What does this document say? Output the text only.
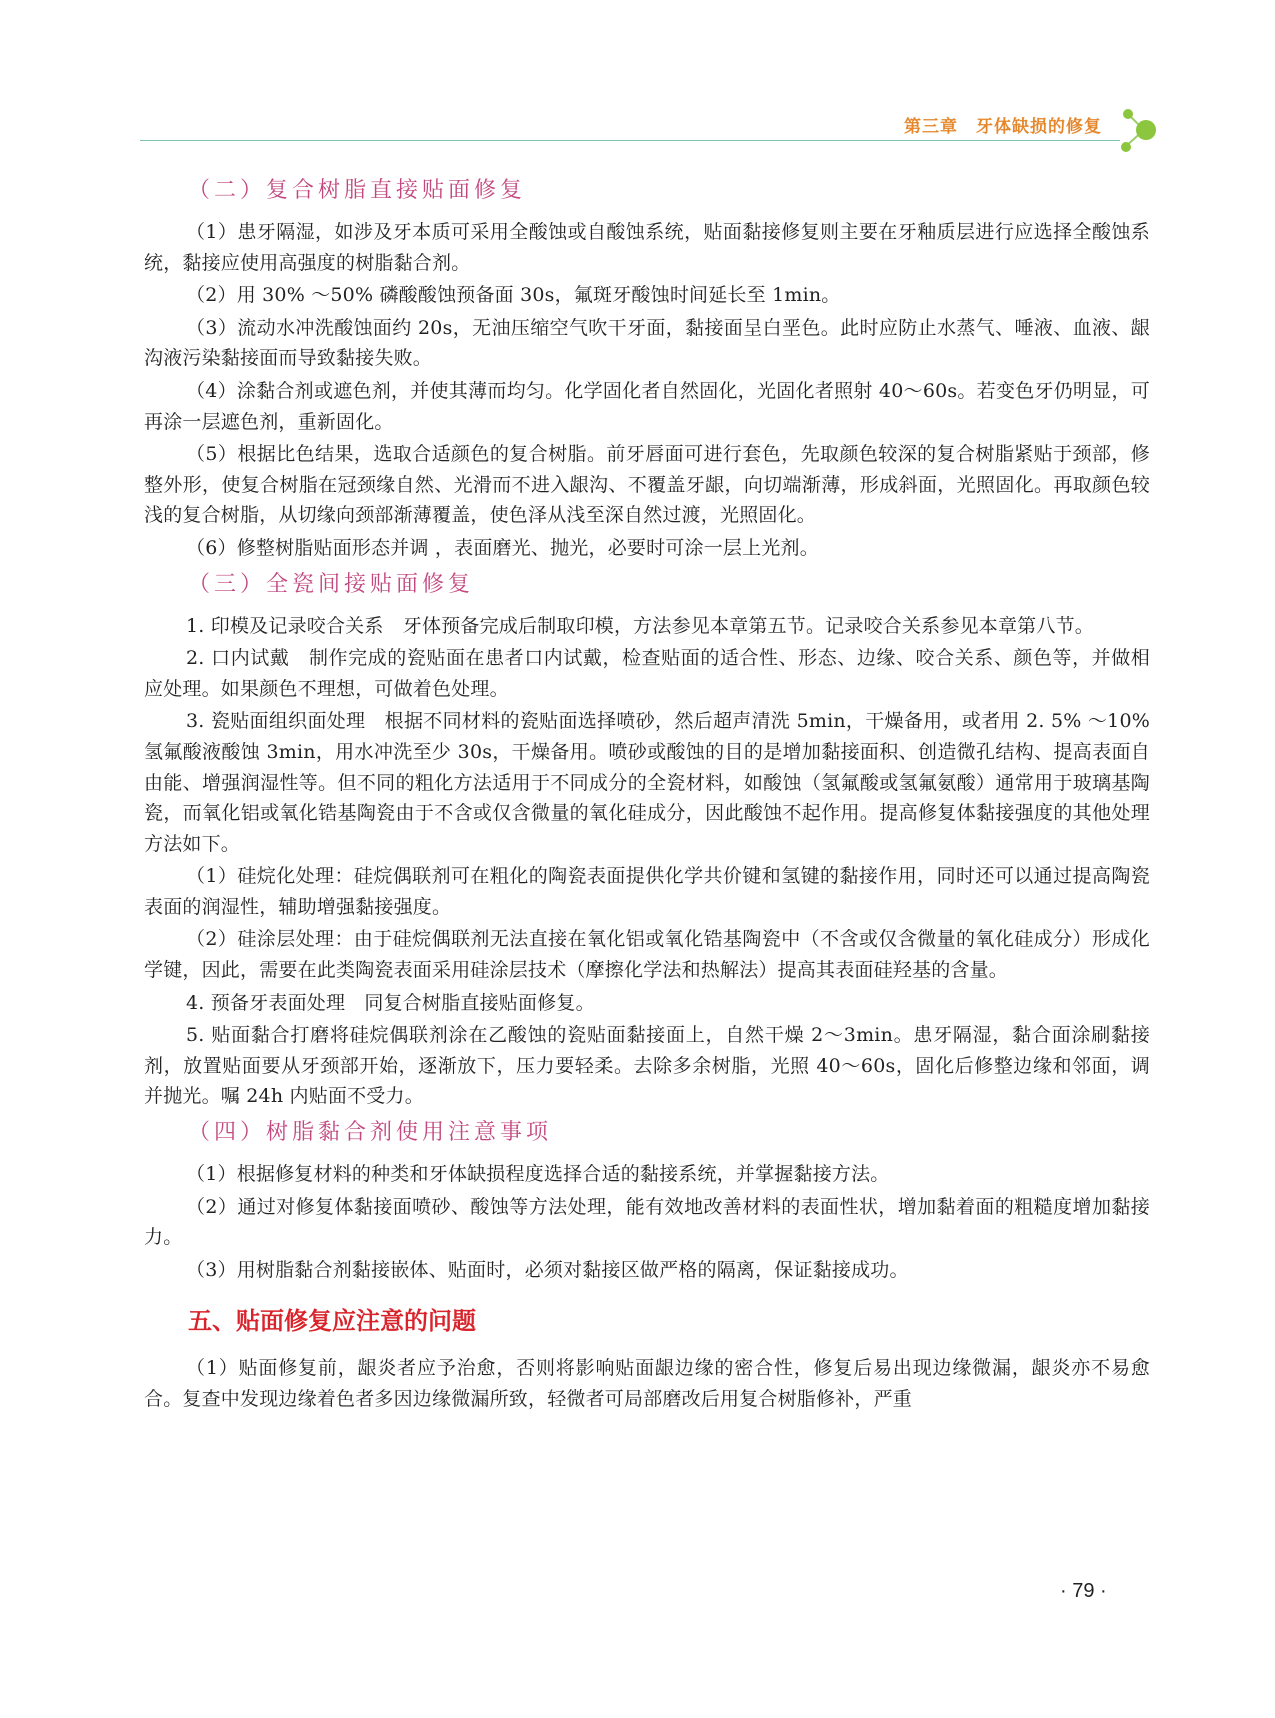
第三章　牙体缺损的修复
（二）复合树脂直接贴面修复

（1）患牙隔湿，如涉及牙本质可采用全酸蚀或自酸蚀系统，贴面黏接修复则主要在牙釉质层进行应选择全酸蚀系统，黏接应使用高强度的树脂黏合剂。

（2）用 30% ～50% 磷酸酸蚀预备面 30s，氟斑牙酸蚀时间延长至 1min。

（3）流动水冲洗酸蚀面约 20s，无油压缩空气吹干牙面，黏接面呈白垩色。此时应防止水蒸气、唾液、血液、龈沟液污染黏接面而导致黏接失败。

（4）涂黏合剂或遮色剂，并使其薄而均匀。化学固化者自然固化，光固化者照射 40～60s。若变色牙仍明显，可再涂一层遮色剂，重新固化。

（5）根据比色结果，选取合适颜色的复合树脂。前牙唇面可进行套色，先取颜色较深的复合树脂紧贴于颈部，修整外形，使复合树脂在冠颈缘自然、光滑而不进入龈沟、不覆盖牙龈，向切端渐薄，形成斜面，光照固化。再取颜色较浅的复合树脂，从切缘向颈部渐薄覆盖，使色泽从浅至深自然过渡，光照固化。

（6）修整树脂贴面形态并调 ，表面磨光、抛光，必要时可涂一层上光剂。

（三）全瓷间接贴面修复

1. 印模及记录咬合关系　牙体预备完成后制取印模，方法参见本章第五节。记录咬合关系参见本章第八节。

2. 口内试戴　制作完成的瓷贴面在患者口内试戴，检查贴面的适合性、形态、边缘、咬合关系、颜色等，并做相应处理。如果颜色不理想，可做着色处理。

3. 瓷贴面组织面处理　根据不同材料的瓷贴面选择喷砂，然后超声清洗 5min，干燥备用，或者用 2. 5% ～10% 氢氟酸液酸蚀 3min，用水冲洗至少 30s，干燥备用。喷砂或酸蚀的目的是增加黏接面积、创造微孔结构、提高表面自由能、增强润湿性等。但不同的粗化方法适用于不同成分的全瓷材料，如酸蚀（氢氟酸或氢氟氨酸）通常用于玻璃基陶瓷，而氧化铝或氧化锆基陶瓷由于不含或仅含微量的氧化硅成分，因此酸蚀不起作用。提高修复体黏接强度的其他处理方法如下。

（1）硅烷化处理：硅烷偶联剂可在粗化的陶瓷表面提供化学共价键和氢键的黏接作用，同时还可以通过提高陶瓷表面的润湿性，辅助增强黏接强度。

（2）硅涂层处理：由于硅烷偶联剂无法直接在氧化铝或氧化锆基陶瓷中（不含或仅含微量的氧化硅成分）形成化学键，因此，需要在此类陶瓷表面采用硅涂层技术（摩擦化学法和热解法）提高其表面硅羟基的含量。

4. 预备牙表面处理　同复合树脂直接贴面修复。

5. 贴面黏合打磨将硅烷偶联剂涂在乙酸蚀的瓷贴面黏接面上，自然干燥 2～3min。患牙隔湿，黏合面涂刷黏接剂，放置贴面要从牙颈部开始，逐渐放下，压力要轻柔。去除多余树脂，光照 40～60s，固化后修整边缘和邻面，调 并抛光。嘱 24h 内贴面不受力。

（四）树脂黏合剂使用注意事项

（1）根据修复材料的种类和牙体缺损程度选择合适的黏接系统，并掌握黏接方法。

（2）通过对修复体黏接面喷砂、酸蚀等方法处理，能有效地改善材料的表面性状，增加黏着面的粗糙度增加黏接力。

（3）用树脂黏合剂黏接嵌体、贴面时，必须对黏接区做严格的隔离，保证黏接成功。

五、贴面修复应注意的问题

（1）贴面修复前，龈炎者应予治愈，否则将影响贴面龈边缘的密合性，修复后易出现边缘微漏，龈炎亦不易愈合。复查中发现边缘着色者多因边缘微漏所致，轻微者可局部磨改后用复合树脂修补，严重

· 79 ·
